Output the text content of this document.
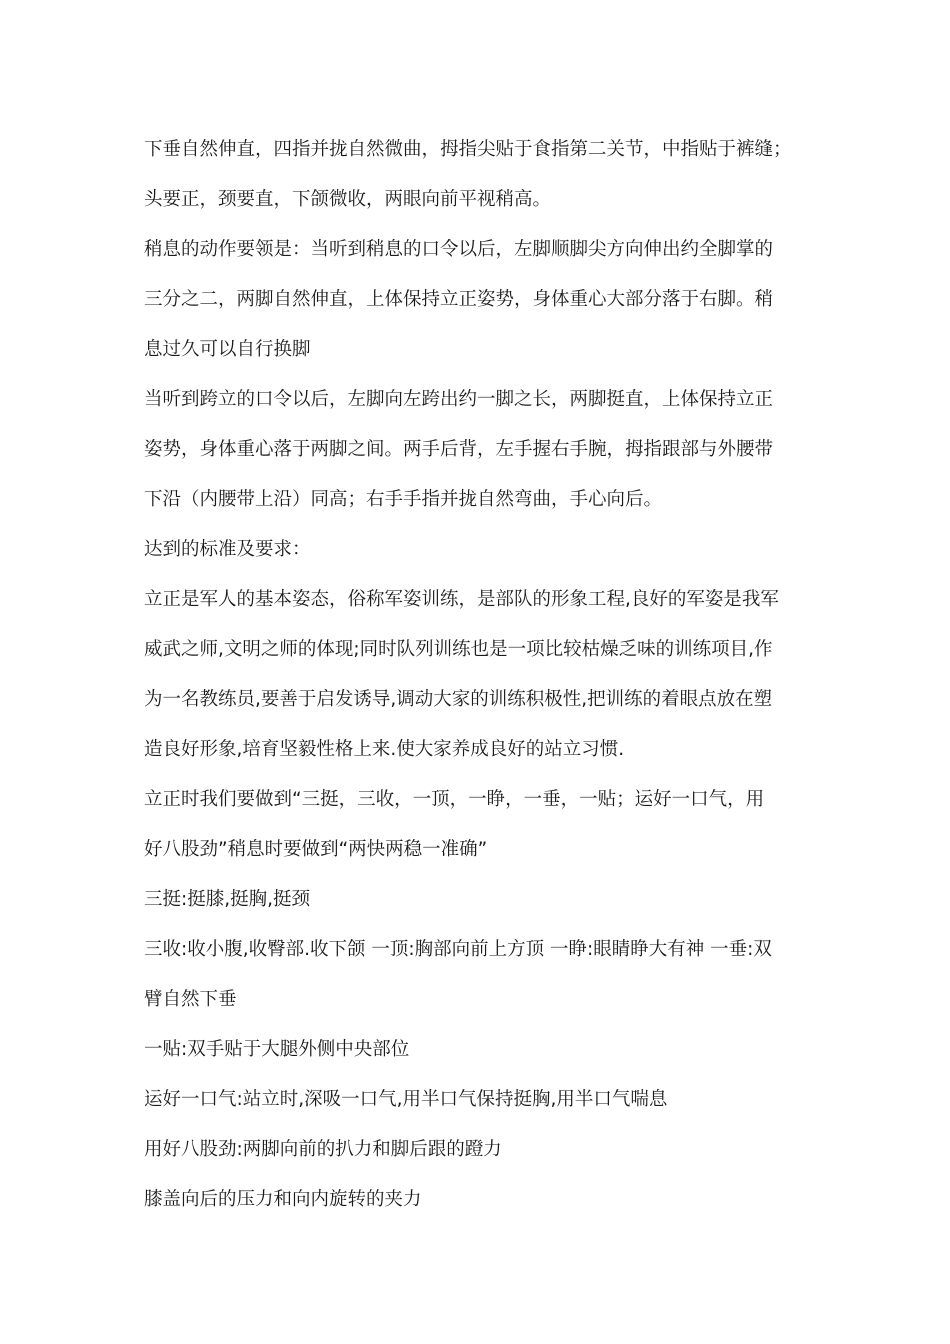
下垂自然伸直，四指并拢自然微曲，拇指尖贴于食指第二关节，中指贴于裤缝；
头要正，颈要直，下颌微收，两眼向前平视稍高。
稍息的动作要领是：当听到稍息的口令以后，左脚顺脚尖方向伸出约全脚掌的
三分之二，两脚自然伸直，上体保持立正姿势，身体重心大部分落于右脚。稍
息过久可以自行换脚
当听到跨立的口令以后，左脚向左跨出约一脚之长，两脚挺直，上体保持立正
姿势，身体重心落于两脚之间。两手后背，左手握右手腕，拇指跟部与外腰带
下沿（内腰带上沿）同高；右手手指并拢自然弯曲，手心向后。
达到的标准及要求：
立正是军人的基本姿态，俗称军姿训练，是部队的形象工程,良好的军姿是我军
威武之师,文明之师的体现;同时队列训练也是一项比较枯燥乏味的训练项目,作
为一名教练员,要善于启发诱导,调动大家的训练积极性,把训练的着眼点放在塑
造良好形象,培育坚毅性格上来.使大家养成良好的站立习惯.
立正时我们要做到“三挺，三收，一顶，一睁，一垂，一贴；运好一口气，用
好八股劲”稍息时要做到“两快两稳一准确”
三挺:挺膝,挺胸,挺颈
三收:收小腹,收臀部.收下颌 一顶:胸部向前上方顶 一睁:眼睛睁大有神 一垂:双
臂自然下垂
一贴:双手贴于大腿外侧中央部位
运好一口气:站立时,深吸一口气,用半口气保持挺胸,用半口气喘息
用好八股劲:两脚向前的扒力和脚后跟的蹬力
膝盖向后的压力和向内旋转的夹力
